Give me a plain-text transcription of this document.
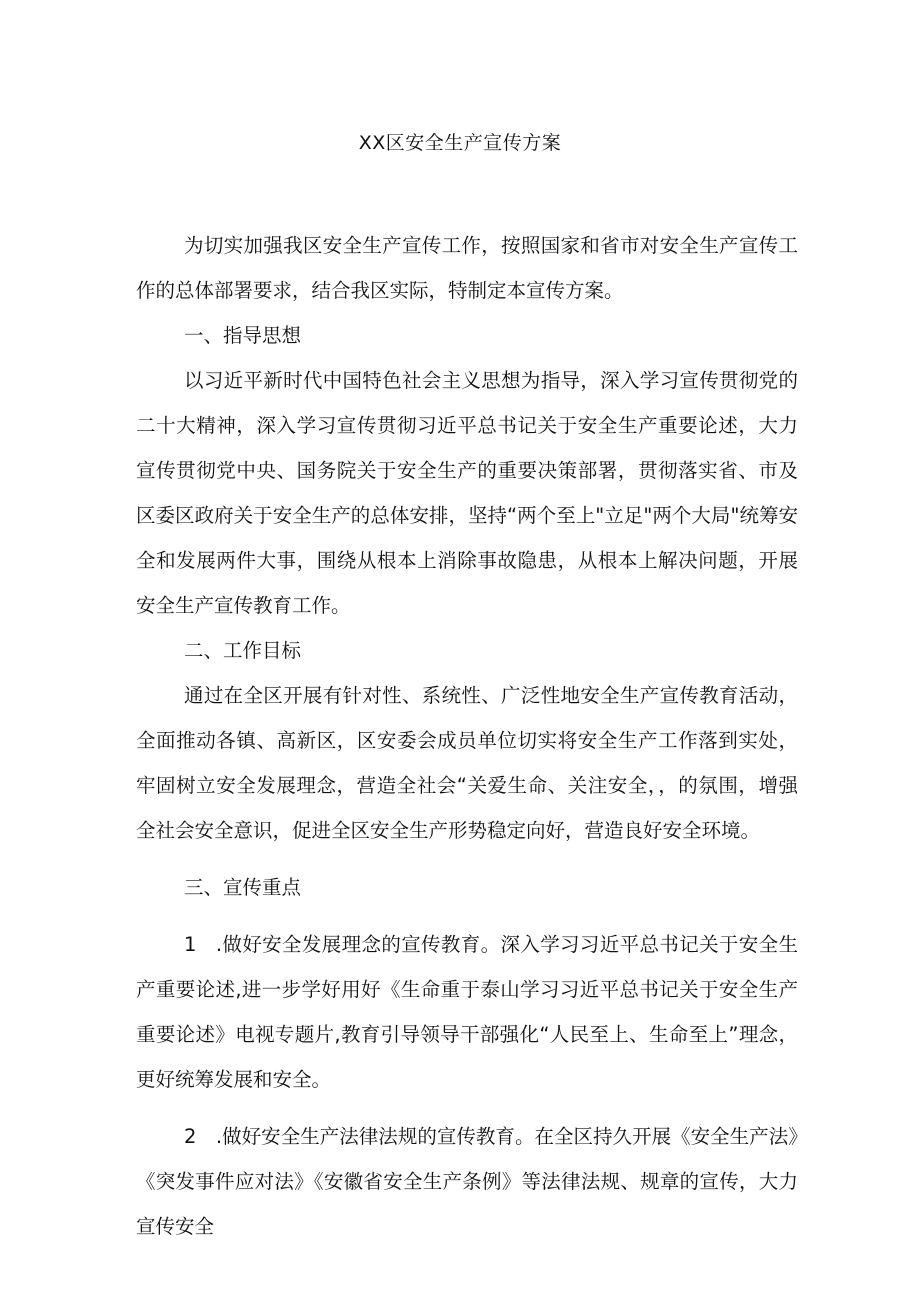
XX区安全生产宣传方案

为切实加强我区安全生产宣传工作，按照国家和省市对安全生产宣传工作的总体部署要求，结合我区实际，特制定本宣传方案。

一、指导思想

以习近平新时代中国特色社会主义思想为指导，深入学习宣传贯彻党的二十大精神，深入学习宣传贯彻习近平总书记关于安全生产重要论述，大力宣传贯彻党中央、国务院关于安全生产的重要决策部署，贯彻落实省、市及区委区政府关于安全生产的总体安排，坚持“两个至上"立足"两个大局"统筹安全和发展两件大事，围绕从根本上消除事故隐患，从根本上解决问题，开展安全生产宣传教育工作。

二、工作目标

通过在全区开展有针对性、系统性、广泛性地安全生产宣传教育活动，全面推动各镇、高新区，区安委会成员单位切实将安全生产工作落到实处，牢固树立安全发展理念，营造全社会“关爱生命、关注安全，，的氛围，增强全社会安全意识，促进全区安全生产形势稳定向好，营造良好安全环境。

三、宣传重点

1 .做好安全发展理念的宣传教育。深入学习习近平总书记关于安全生产重要论述,进一步学好用好《生命重于泰山学习习近平总书记关于安全生产重要论述》电视专题片,教育引导领导干部强化“人民至上、生命至上”理念，更好统筹发展和安全。

2 .做好安全生产法律法规的宣传教育。在全区持久开展《安全生产法》《突发事件应对法》《安徽省安全生产条例》等法律法规、规章的宣传，大力宣传安全
